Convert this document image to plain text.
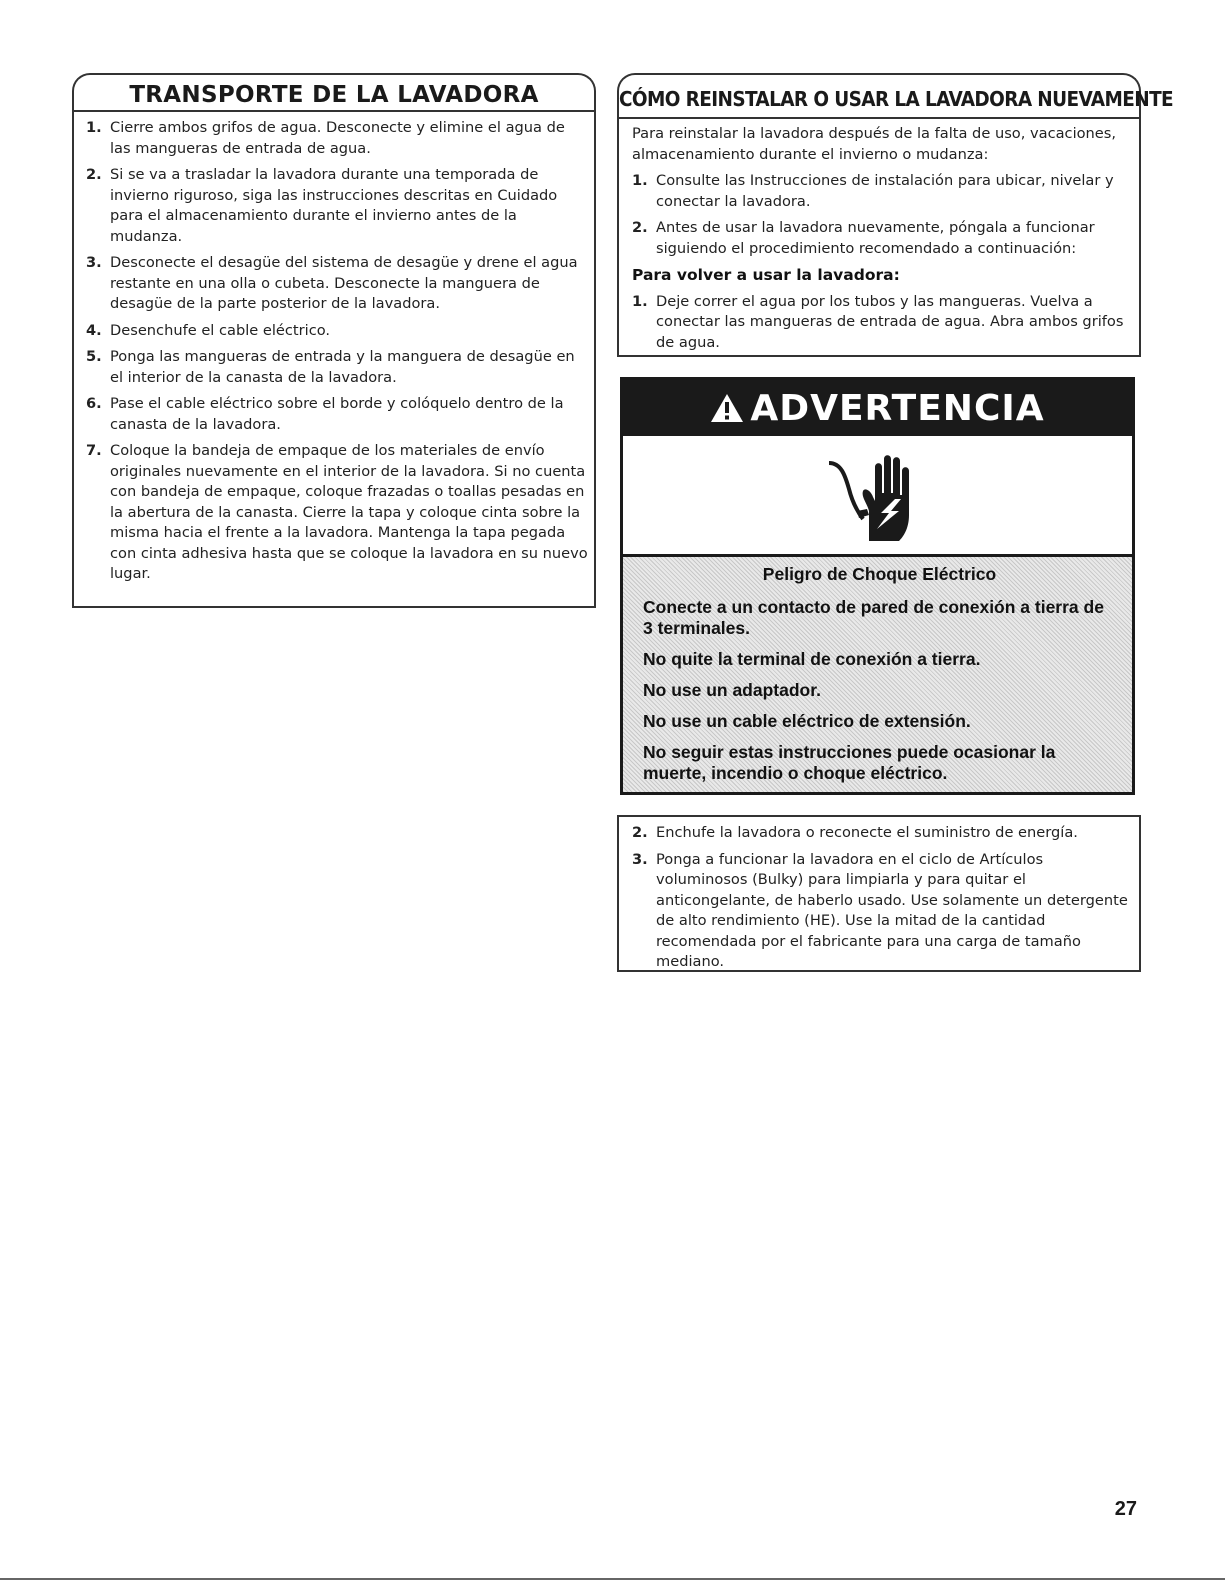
TRANSPORTE DE LA LAVADORA
1. Cierre ambos grifos de agua. Desconecte y elimine el agua de las mangueras de entrada de agua.
2. Si se va a trasladar la lavadora durante una temporada de invierno riguroso, siga las instrucciones descritas en Cuidado para el almacenamiento durante el invierno antes de la mudanza.
3. Desconecte el desagüe del sistema de desagüe y drene el agua restante en una olla o cubeta. Desconecte la manguera de desagüe de la parte posterior de la lavadora.
4. Desenchufe el cable eléctrico.
5. Ponga las mangueras de entrada y la manguera de desagüe en el interior de la canasta de la lavadora.
6. Pase el cable eléctrico sobre el borde y colóquelo dentro de la canasta de la lavadora.
7. Coloque la bandeja de empaque de los materiales de envío originales nuevamente en el interior de la lavadora. Si no cuenta con bandeja de empaque, coloque frazadas o toallas pesadas en la abertura de la canasta. Cierre la tapa y coloque cinta sobre la misma hacia el frente a la lavadora. Mantenga la tapa pegada con cinta adhesiva hasta que se coloque la lavadora en su nuevo lugar.
CÓMO REINSTALAR O USAR LA LAVADORA NUEVAMENTE

Para reinstalar la lavadora después de la falta de uso, vacaciones, almacenamiento durante el invierno o mudanza:

1. Consulte las Instrucciones de instalación para ubicar, nivelar y conectar la lavadora.
2. Antes de usar la lavadora nuevamente, póngala a funcionar siguiendo el procedimiento recomendado a continuación:
Para volver a usar la lavadora:
1. Deje correr el agua por los tubos y las mangueras. Vuelva a conectar las mangueras de entrada de agua. Abra ambos grifos de agua.
ADVERTENCIA
Peligro de Choque Eléctrico

Conecte a un contacto de pared de conexión a tierra de 3 terminales.

No quite la terminal de conexión a tierra.

No use un adaptador.

No use un cable eléctrico de extensión.

No seguir estas instrucciones puede ocasionar la muerte, incendio o choque eléctrico.

2. Enchufe la lavadora o reconecte el suministro de energía.
3. Ponga a funcionar la lavadora en el ciclo de Artículos voluminosos (Bulky) para limpiarla y para quitar el anticongelante, de haberlo usado. Use solamente un detergente de alto rendimiento (HE). Use la mitad de la cantidad recomendada por el fabricante para una carga de tamaño mediano.
27
